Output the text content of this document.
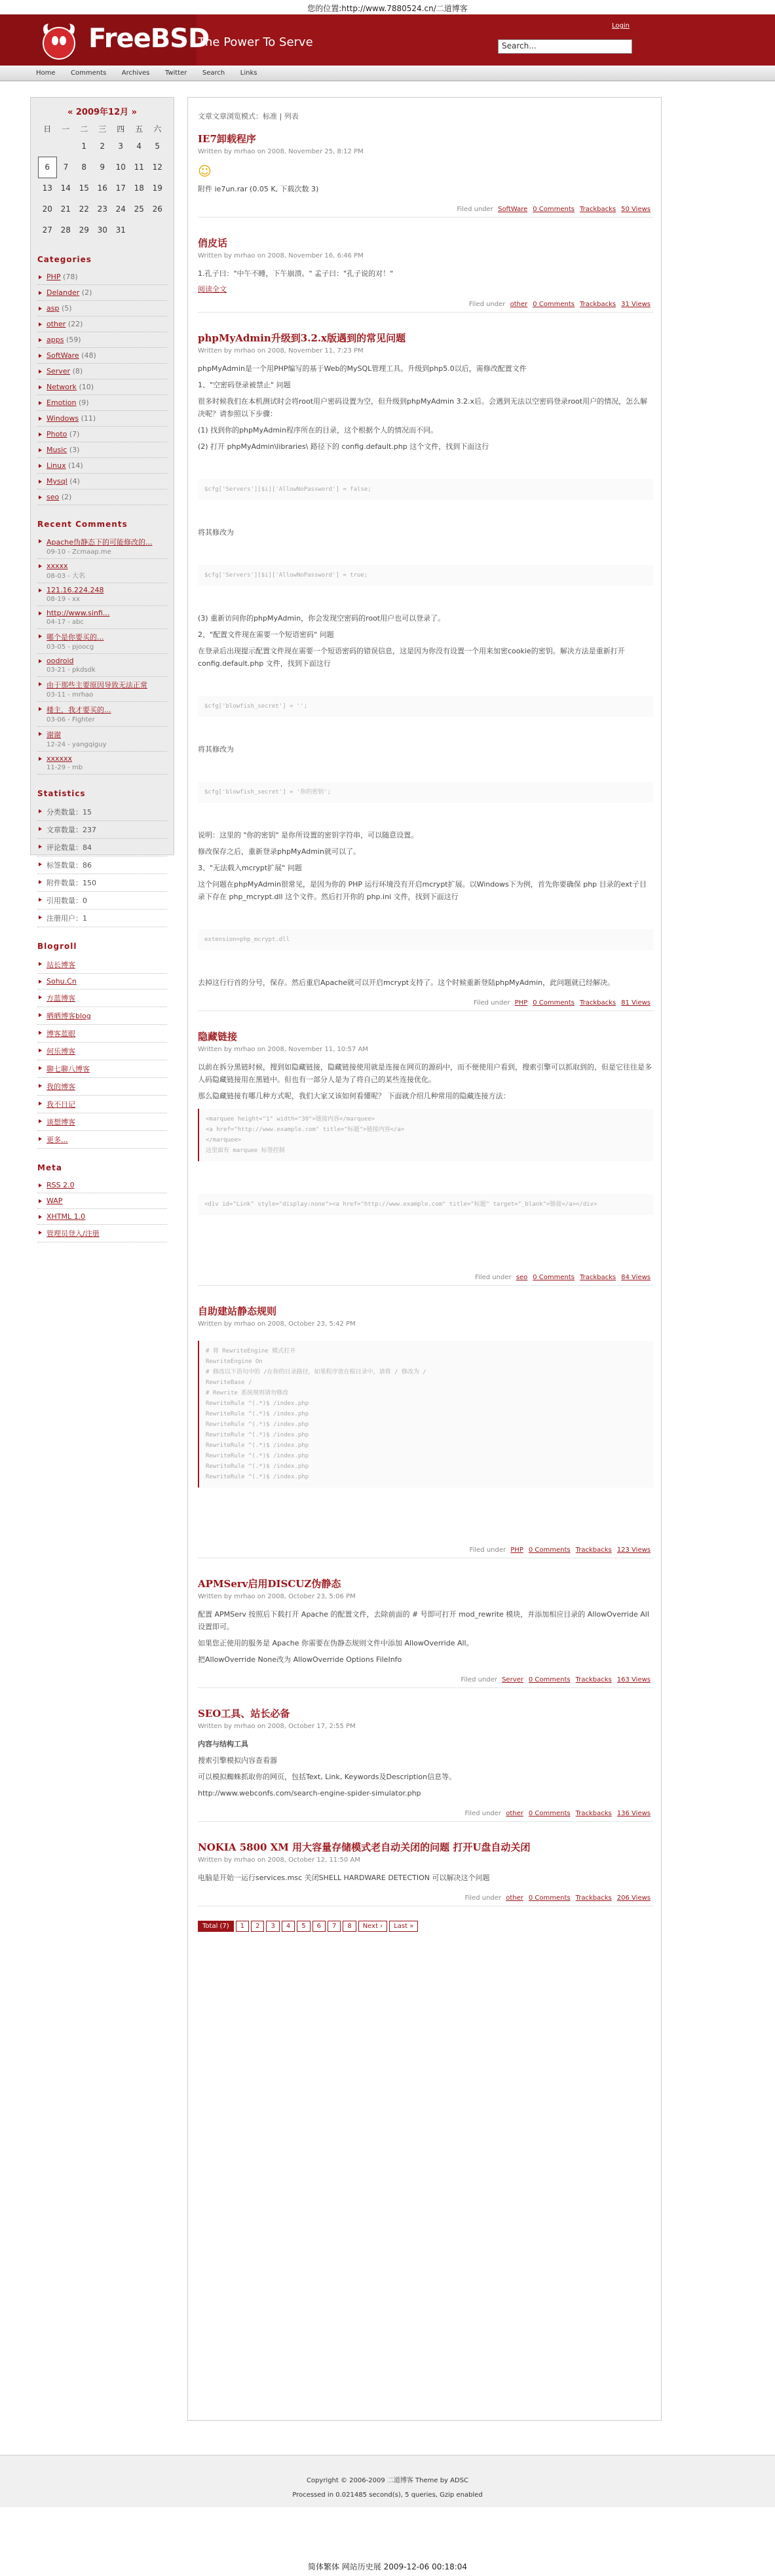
您的位置:http://www.7880524.cn/二道博客
FreeBSD
The Power To Serve
Login
Search...
Home Comments Archives Twitter Search Links
« 2009年12月 »
日	一	二	三	四	五	六
		1	2	3	4	5
6	7	8	9	10	11	12
13	14	15	16	17	18	19
20	21	22	23	24	25	26
27	28	29	30	31		
Categories
PHP (78)
Delander (2)
asp (5)
other (22)
apps (59)
SoftWare (48)
Server (8)
Network (10)
Emotion (9)
Windows (11)
Photo (7)
Music (3)
Linux (14)
Mysql (4)
seo (2)
Recent Comments
Apache伪静态下的可能修改的...
09-10 - Zcmaap.me
xxxxx
08-03 - 大名
121.16.224.248
08-19 - xx
http://www.sinfi...
04-17 - abc
哪个是你要买的...
03-05 - pjoocg
oodroid
03-21 - pkdsdk
由于那些主要原因导致无法正常
03-11 - mrhao
楼主，我才要买的...
03-06 - Fighter
谢谢
12-24 - yangqiguy
xxxxxx
11-29 - mb
Statistics
分类数量：15
文章数量：237
评论数量：84
标签数量：86
附件数量：150
引用数量：0
注册用户：1
Blogroll
站长博客
Sohu.Cn
方蓝博客
晒晒博客blog
博客蓝眼
何乐博客
聊七聊八博客
我的博客
我不日记
谈想博客
更多...
Meta
RSS 2.0
WAP
XHTML 1.0
管理员登入/注册
文章文章浏览模式：标准 | 列表
IE7卸载程序
Written by mrhao on 2008, November 25, 8:12 PM
☺

附件 ie7un.rar (0.05 K, 下载次数 3)

Filed under SoftWare 0 Comments Trackbacks 50 Views
俏皮话
Written by mrhao on 2008, November 16, 6:46 PM

1.孔子曰："中午不睡，下午崩溃。" 孟子曰："孔子说的对！"

阅读全文
Filed under other 0 Comments Trackbacks 31 Views
phpMyAdmin升级到3.2.x版遇到的常见问题
Written by mrhao on 2008, November 11, 7:23 PM

phpMyAdmin是一个用PHP编写的基于Web的MySQL管理工具。升级到php5.0以后，需修改配置文件

1、"空密码登录被禁止" 问题

很多时候我们在本机测试时会将root用户密码设置为空，但升级到phpMyAdmin 3.2.x后。会遇到无法以空密码登录root用户的情况，怎么解决呢？请参照以下步骤：

(1) 找到你的phpMyAdmin程序所在的目录，这个根据个人的情况而不同。

(2) 打开 phpMyAdmin\libraries\ 路径下的 config.default.php 这个文件，找到下面这行

$cfg['Servers'][$i]['AllowNoPassword'] = false;

将其修改为

$cfg['Servers'][$i]['AllowNoPassword'] = true;

(3) 重新访问你的phpMyAdmin，你会发现空密码的root用户也可以登录了。

2、"配置文件现在需要一个短语密码" 问题

在登录后出现提示配置文件现在需要一个短语密码的错误信息，这是因为你没有设置一个用来加密cookie的密钥。解决方法是重新打开 config.default.php 文件，找到下面这行

$cfg['blowfish_secret'] = '';

将其修改为

$cfg['blowfish_secret'] = '你的密钥';

说明：这里的 "你的密钥" 是你所设置的密钥字符串，可以随意设置。

修改保存之后，重新登录phpMyAdmin就可以了。

3、"无法载入mcrypt扩展" 问题

这个问题在phpMyAdmin很常见，是因为你的 PHP 运行环境没有开启mcrypt扩展。以Windows下为例，首先你要确保 php 目录的ext子目录下存在 php_mcrypt.dll 这个文件。然后打开你的 php.ini 文件，找到下面这行

extension=php_mcrypt.dll

去掉这行行首的分号，保存。然后重启Apache就可以开启mcrypt支持了。这个时候重新登陆phpMyAdmin，此问题就已经解决。

Filed under PHP 0 Comments Trackbacks 81 Views
隐藏链接
Written by mrhao on 2008, November 11, 10:57 AM

以前在拆分黑链时候，搜到如隐藏链接，隐藏链接使用就是连接在网页的源码中，而不便使用户看到，搜索引擎可以抓取到的，但是它往往是多人码隐藏链接用在黑链中。但也有一部分人是为了将自己的某些连接优化。

那么隐藏链接有哪几种方式呢，我们大家又该如何看懂呢？ 下面就介绍几种常用的隐藏连接方法：

<marquee height="1" width="30">链接内容</marquee>
<a href="http://www.example.com" title="标题">链接内容</a>
</marquee>
这里面有 marquee 标签控制
<div id="Link" style="display:none"><a href="http://www.example.com" title="标题" target="_blank">链接</a></div>
Filed under seo 0 Comments Trackbacks 84 Views
自助建站静态规则
Written by mrhao on 2008, October 23, 5:42 PM
# 将 RewriteEngine 模式打开
RewriteEngine On
# 修改以下语句中的 /在你的目录路径，如果程序放在根目录中，请将 / 修改为 /
RewriteBase /
# Rewrite 系统规则请勿修改
RewriteRule ^(.*)$ /index.php
RewriteRule ^(.*)$ /index.php
RewriteRule ^(.*)$ /index.php
RewriteRule ^(.*)$ /index.php
RewriteRule ^(.*)$ /index.php
RewriteRule ^(.*)$ /index.php
RewriteRule ^(.*)$ /index.php
RewriteRule ^(.*)$ /index.php
Filed under PHP 0 Comments Trackbacks 123 Views
APMServ启用DISCUZ伪静态
Written by mrhao on 2008, October 23, 5:06 PM

配置 APMServ 按照后下载打开 Apache 的配置文件，去除前面的 # 号即可打开 mod_rewrite 模块，并添加相应目录的 AllowOverride All 设置即可。

如果您正使用的服务是 Apache 你需要在伪静态规则文件中添加 AllowOverride All。

把AllowOverride None改为 AllowOverride Options FileInfo

Filed under Server 0 Comments Trackbacks 163 Views
SEO工具、站长必备
Written by mrhao on 2008, October 17, 2:55 PM

内容与结构工具

搜索引擎模拟内容查看器

可以模拟蜘蛛抓取你的网页，包括Text, Link, Keywords及Description信息等。

http://www.webconfs.com/search-engine-spider-simulator.php

Filed under other 0 Comments Trackbacks 136 Views
NOKIA 5800 XM 用大容量存储模式老自动关闭的问题 打开U盘自动关闭
Written by mrhao on 2008, October 12, 11:50 AM

电脑是开始一运行services.msc 关闭SHELL HARDWARE DETECTION 可以解决这个问题

Filed under other 0 Comments Trackbacks 206 Views
Total (7) 1 2 3 4 5 6 7 8 Next › Last »
Copyright © 2006-2009 二道博客 Theme by ADSC
Processed in 0.021485 second(s), 5 queries, Gzip enabled
简体繁体 网站历史展 2009-12-06 00:18:04
